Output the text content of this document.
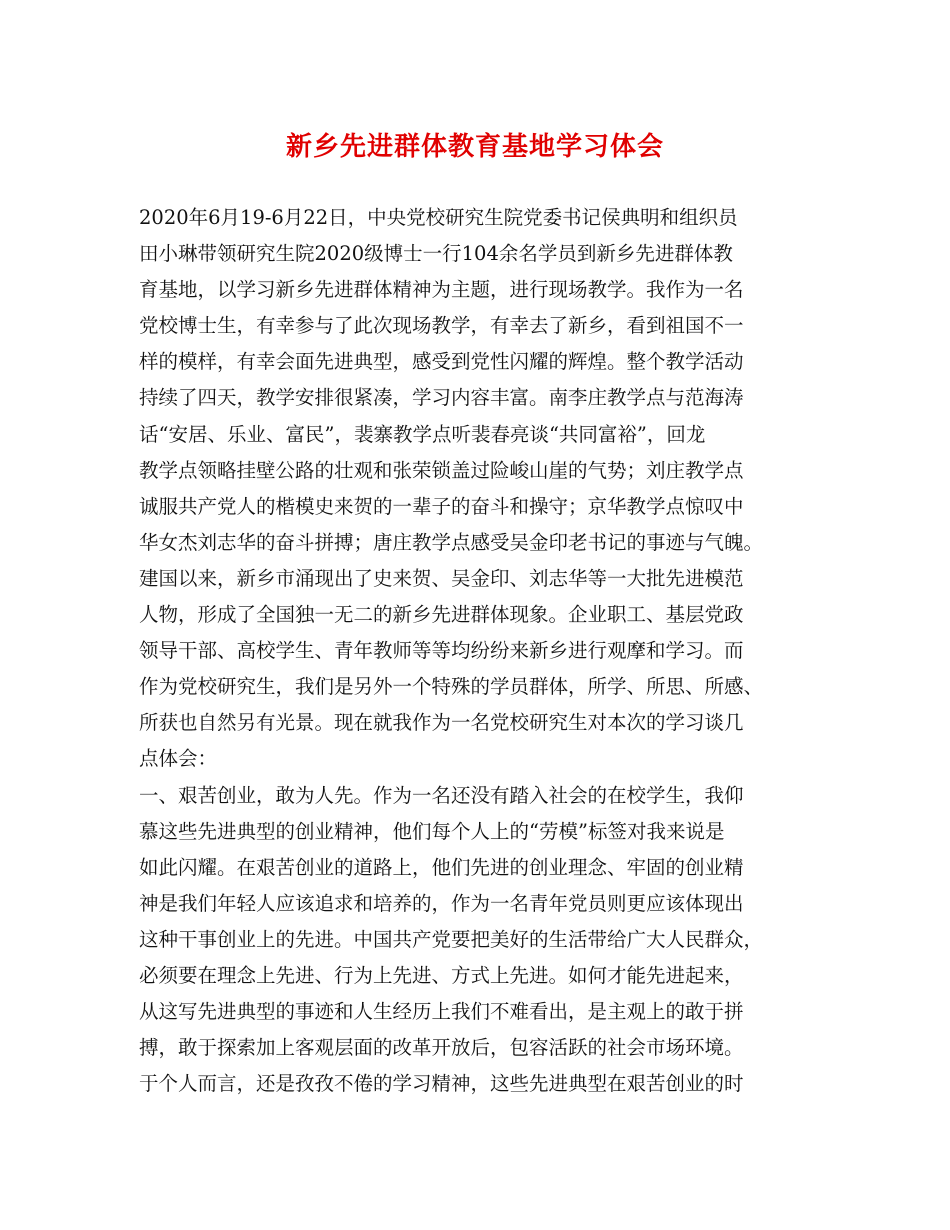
新乡先进群体教育基地学习体会
2020年6月19-6月22日，中央党校研究生院党委书记侯典明和组织员
田小琳带领研究生院2020级博士一行104余名学员到新乡先进群体教
育基地，以学习新乡先进群体精神为主题，进行现场教学。我作为一名
党校博士生，有幸参与了此次现场教学，有幸去了新乡，看到祖国不一
样的模样，有幸会面先进典型，感受到党性闪耀的辉煌。整个教学活动
持续了四天，教学安排很紧凑，学习内容丰富。南李庄教学点与范海涛
话“安居、乐业、富民”，裴寨教学点听裴春亮谈“共同富裕”，回龙
教学点领略挂壁公路的壮观和张荣锁盖过险峻山崖的气势；刘庄教学点
诚服共产党人的楷模史来贺的一辈子的奋斗和操守；京华教学点惊叹中
华女杰刘志华的奋斗拼搏；唐庄教学点感受吴金印老书记的事迹与气魄。
建国以来，新乡市涌现出了史来贺、吴金印、刘志华等一大批先进模范
人物，形成了全国独一无二的新乡先进群体现象。企业职工、基层党政
领导干部、高校学生、青年教师等等均纷纷来新乡进行观摩和学习。而
作为党校研究生，我们是另外一个特殊的学员群体，所学、所思、所感、
所获也自然另有光景。现在就我作为一名党校研究生对本次的学习谈几
点体会：
一、艰苦创业，敢为人先。作为一名还没有踏入社会的在校学生，我仰
慕这些先进典型的创业精神，他们每个人上的“劳模”标签对我来说是
如此闪耀。在艰苦创业的道路上，他们先进的创业理念、牢固的创业精
神是我们年轻人应该追求和培养的，作为一名青年党员则更应该体现出
这种干事创业上的先进。中国共产党要把美好的生活带给广大人民群众，
必须要在理念上先进、行为上先进、方式上先进。如何才能先进起来，
从这写先进典型的事迹和人生经历上我们不难看出，是主观上的敢于拼
搏，敢于探索加上客观层面的改革开放后，包容活跃的社会市场环境。
于个人而言，还是孜孜不倦的学习精神，这些先进典型在艰苦创业的时
